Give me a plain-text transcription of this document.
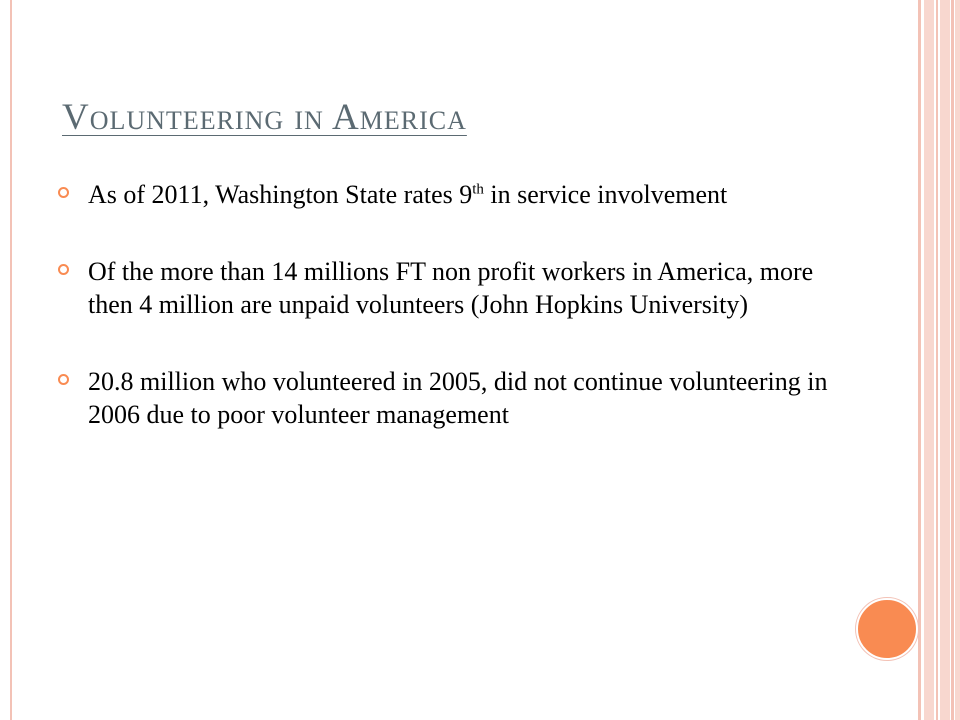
Volunteering in America
As of 2011, Washington State rates 9th in service involvement
Of the more than 14 millions FT non profit workers in America, more then 4 million are unpaid volunteers (John Hopkins University)
20.8 million who volunteered in 2005, did not continue volunteering in 2006 due to poor volunteer management
